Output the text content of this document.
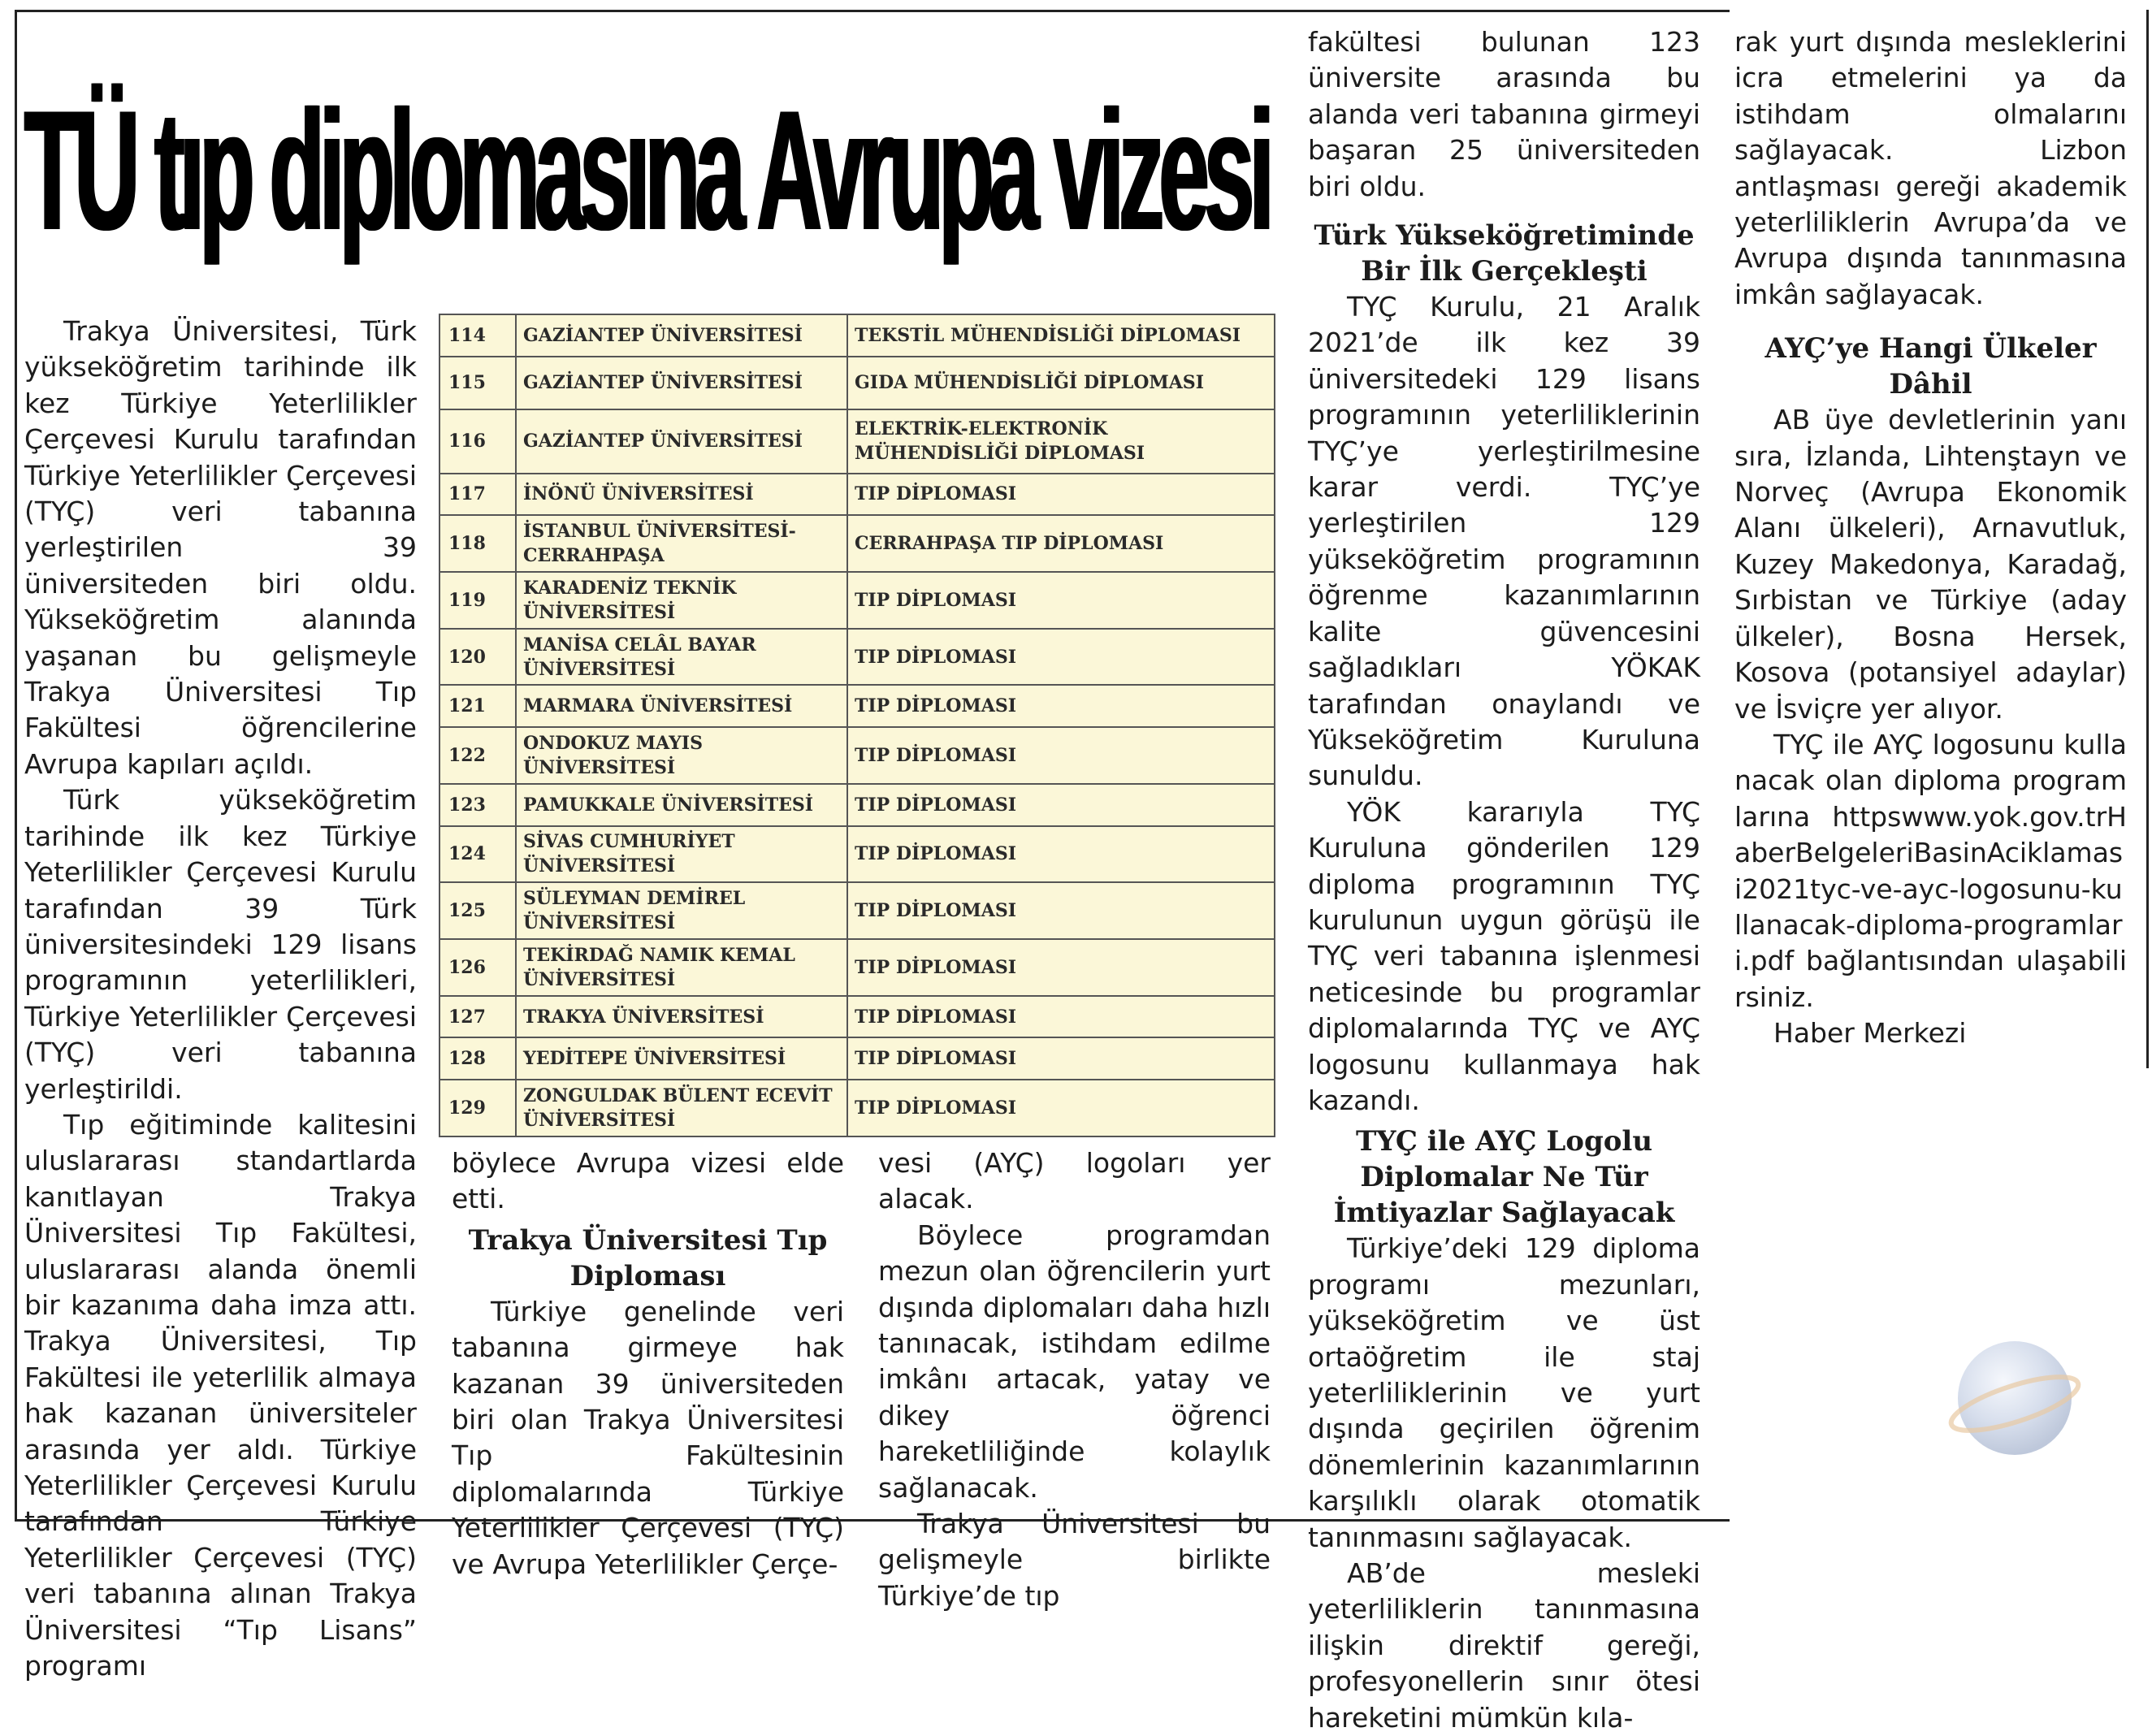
TÜ tıp diplomasına Avrupa vizesi

Trakya Üniversitesi, Türk yükseköğretim tarihinde ilk kez Türkiye Yeterlilikler Çerçevesi Kurulu tarafından Türkiye Yeterlilikler Çerçevesi (TYÇ) veri tabanına yerleştirilen 39 üniversiteden biri oldu. Yükseköğretim alanında yaşanan bu gelişmeyle Trakya Üniversitesi Tıp Fakültesi öğrencilerine Avrupa kapıları açıldı.

Türk yükseköğretim tarihinde ilk kez Türkiye Yeterlilikler Çerçevesi Kurulu tarafından 39 Türk üniversitesindeki 129 lisans programının yeterlilikleri, Türkiye Yeterlilikler Çerçevesi (TYÇ) veri tabanına yerleştirildi.

Tıp eğitiminde kalitesini uluslararası standartlarda kanıtlayan Trakya Üniversitesi Tıp Fakültesi, uluslararası alanda önemli bir kazanıma daha imza attı. Trakya Üniversitesi, Tıp Fakültesi ile yeterlilik almaya hak kazanan üniversiteler arasında yer aldı. Türkiye Yeterlilikler Çerçevesi Kurulu tarafından Türkiye Yeterlilikler Çerçevesi (TYÇ) veri tabanına alınan Trakya Üniversitesi “Tıp Lisans” programı

114	GAZİANTEP ÜNİVERSİTESİ	TEKSTİL MÜHENDİSLİĞİ DİPLOMASI
115	GAZİANTEP ÜNİVERSİTESİ	GIDA MÜHENDİSLİĞİ DİPLOMASI
116	GAZİANTEP ÜNİVERSİTESİ	ELEKTRİK-ELEKTRONİK MÜHENDİSLİĞİ DİPLOMASI
117	İNÖNÜ ÜNİVERSİTESİ	TIP DİPLOMASI
118	İSTANBUL ÜNİVERSİTESİ-CERRAHPAŞA	CERRAHPAŞA TIP DİPLOMASI
119	KARADENİZ TEKNİK ÜNİVERSİTESİ	TIP DİPLOMASI
120	MANİSA CELÂL BAYAR ÜNİVERSİTESİ	TIP DİPLOMASI
121	MARMARA ÜNİVERSİTESİ	TIP DİPLOMASI
122	ONDOKUZ MAYIS ÜNİVERSİTESİ	TIP DİPLOMASI
123	PAMUKKALE ÜNİVERSİTESİ	TIP DİPLOMASI
124	SİVAS CUMHURİYET ÜNİVERSİTESİ	TIP DİPLOMASI
125	SÜLEYMAN DEMİREL ÜNİVERSİTESİ	TIP DİPLOMASI
126	TEKİRDAĞ NAMIK KEMAL ÜNİVERSİTESİ	TIP DİPLOMASI
127	TRAKYA ÜNİVERSİTESİ	TIP DİPLOMASI
128	YEDİTEPE ÜNİVERSİTESİ	TIP DİPLOMASI
129	ZONGULDAK BÜLENT ECEVİT ÜNİVERSİTESİ	TIP DİPLOMASI

böylece Avrupa vizesi elde etti.

Trakya Üniversitesi Tıp Diploması

Türkiye genelinde veri tabanına girmeye hak kazanan 39 üniversiteden biri olan Trakya Üniversitesi Tıp Fakültesinin diplomalarında Türkiye Yeterlilikler Çerçevesi (TYÇ) ve Avrupa Yeterlilikler Çerçe-

vesi (AYÇ) logoları yer alacak.

Böylece programdan mezun olan öğrencilerin yurt dışında diplomaları daha hızlı tanınacak, istihdam edilme imkânı artacak, yatay ve dikey öğrenci hareketliliğinde kolaylık sağlanacak.

Trakya Üniversitesi bu gelişmeyle birlikte Türkiye’de tıp

fakültesi bulunan 123 üniversite arasında bu alanda veri tabanına girmeyi başaran 25 üniversiteden biri oldu.

Türk Yükseköğretiminde Bir İlk Gerçekleşti

TYÇ Kurulu, 21 Aralık 2021’de ilk kez 39 üniversitedeki 129 lisans programının yeterliliklerinin TYÇ’ye yerleştirilmesine karar verdi. TYÇ’ye yerleştirilen 129 yükseköğretim programının öğrenme kazanımlarının kalite güvencesini sağladıkları YÖKAK tarafından onaylandı ve Yükseköğretim Kuruluna sunuldu.

YÖK kararıyla TYÇ Kuruluna gönderilen 129 diploma programının TYÇ kurulunun uygun görüşü ile TYÇ veri tabanına işlenmesi neticesinde bu programlar diplomalarında TYÇ ve AYÇ logosunu kullanmaya hak kazandı.

TYÇ ile AYÇ Logolu Diplomalar Ne Tür İmtiyazlar Sağlayacak

Türkiye’deki 129 diploma programı mezunları, yükseköğretim ve üst ortaöğretim ile staj yeterliliklerinin ve yurt dışında geçirilen öğrenim dönemlerinin kazanımlarının karşılıklı olarak otomatik tanınmasını sağlayacak.

AB’de mesleki yeterliliklerin tanınmasına ilişkin direktif gereği, profesyonellerin sınır ötesi hareketini mümkün kıla-

rak yurt dışında mesleklerini icra etmelerini ya da istihdam olmalarını sağlayacak. Lizbon antlaşması gereği akademik yeterliliklerin Avrupa’da ve Avrupa dışında tanınmasına imkân sağlayacak.

AYÇ’ye Hangi Ülkeler Dâhil

AB üye devletlerinin yanı sıra, İzlanda, Lihtenştayn ve Norveç (Avrupa Ekonomik Alanı ülkeleri), Arnavutluk, Kuzey Makedonya, Karadağ, Sırbistan ve Türkiye (aday ülkeler), Bosna Hersek, Kosova (potansiyel adaylar) ve İsviçre yer alıyor.

TYÇ ile AYÇ logosunu kullanacak olan diploma programlarına httpswww.yok.gov.trHaberBelgeleriBasinAciklamasi2021tyc-ve-ayc-logosunu-kullanacak-diploma-programlari.pdf bağlantısından ulaşabilirsiniz.

Haber Merkezi
